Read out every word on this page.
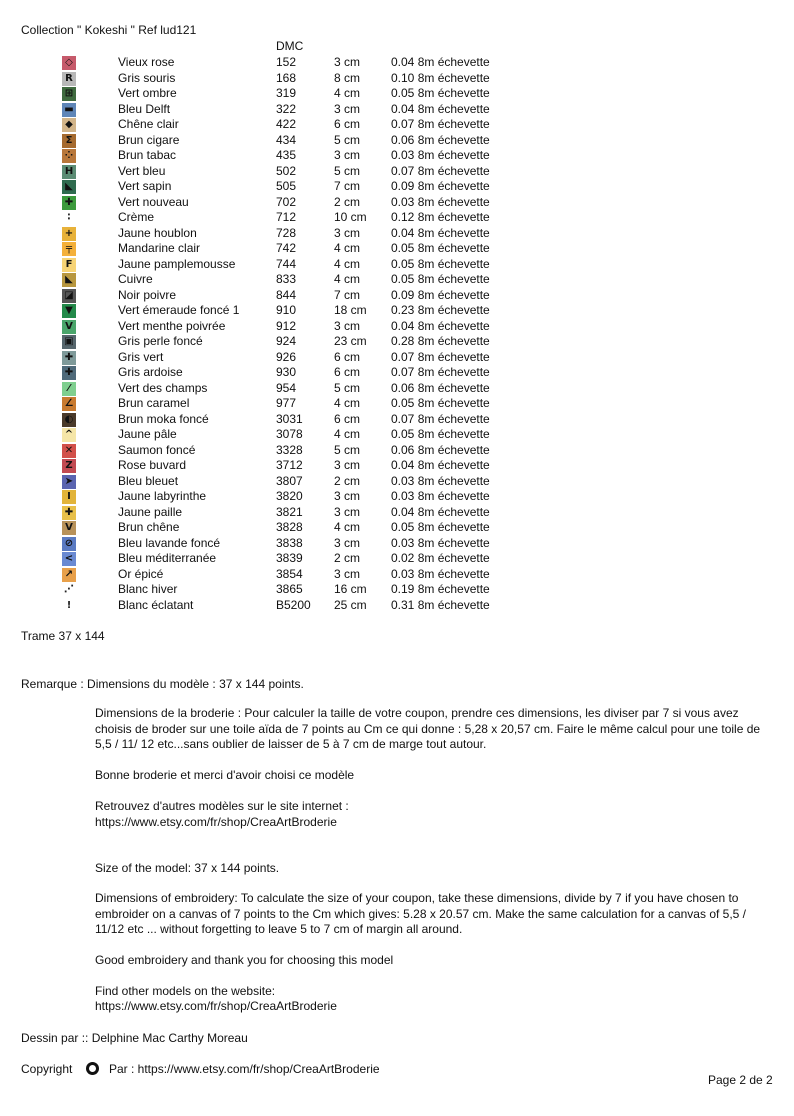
Collection " Kokeshi " Ref lud121
DMC
◇	Vieux rose	152	3 cm	0.04 8m échevette
R	Gris souris	168	8 cm	0.10 8m échevette
⊞	Vert ombre	319	4 cm	0.05 8m échevette
▬	Bleu Delft	322	3 cm	0.04 8m échevette
◆	Chêne clair	422	6 cm	0.07 8m échevette
Σ	Brun cigare	434	5 cm	0.06 8m échevette
⁘	Brun tabac	435	3 cm	0.03 8m échevette
H	Vert bleu	502	5 cm	0.07 8m échevette
◣	Vert sapin	505	7 cm	0.09 8m échevette
✚	Vert nouveau	702	2 cm	0.03 8m échevette
∶	Crème	712	10 cm 0.12 8m échevette
+	Jaune houblon	728	3 cm	0.04 8m échevette
╤	Mandarine clair	742	4 cm	0.05 8m échevette
F	Jaune pamplemousse	744	4 cm	0.05 8m échevette
◣	Cuivre	833	4 cm	0.05 8m échevette
◪	Noir poivre	844	7 cm	0.09 8m échevette
▼	Vert émeraude foncé 1	910	18 cm 0.23 8m échevette
V	Vert menthe poivrée	912	3 cm	0.04 8m échevette
▣	Gris perle foncé	924	23 cm 0.28 8m échevette
✚	Gris vert	926	6 cm	0.07 8m échevette
✚	Gris ardoise	930	6 cm	0.07 8m échevette
⁄	Vert des champs	954	5 cm	0.06 8m échevette
∠	Brun caramel	977	4 cm	0.05 8m échevette
◐	Brun moka foncé	3031	6 cm	0.07 8m échevette
^	Jaune pâle	3078	4 cm	0.05 8m échevette
✕	Saumon foncé	3328	5 cm	0.06 8m échevette
Z	Rose buvard	3712	3 cm	0.04 8m échevette
➤	Bleu bleuet	3807	2 cm	0.03 8m échevette
I	Jaune labyrinthe	3820	3 cm	0.03 8m échevette
✚	Jaune paille	3821	3 cm	0.04 8m échevette
V	Brun chêne	3828	4 cm	0.05 8m échevette
⊘	Bleu lavande foncé	3838	3 cm	0.03 8m échevette
<	Bleu méditerranée	3839	2 cm	0.02 8m échevette
↗	Or épicé	3854	3 cm	0.03 8m échevette
⋰	Blanc hiver	3865	16 cm 0.19 8m échevette
!	Blanc éclatant	B5200 25 cm 0.31 8m échevette
Trame 37 x 144
Remarque : Dimensions du modèle : 37 x 144 points.
Dimensions de la broderie : Pour calculer la taille de votre coupon, prendre ces dimensions, les diviser par 7 si vous avez choisis de broder sur une toile aïda de 7 points au Cm ce qui donne : 5,28 x 20,57 cm. Faire le même calcul pour une toile de 5,5 / 11/ 12 etc...sans oublier de laisser de 5 à 7 cm de marge tout autour.
Bonne broderie et merci d'avoir choisi ce modèle
Retrouvez d'autres modèles sur le site internet :
https://www.etsy.com/fr/shop/CreaArtBroderie
Size of the model: 37 x 144 points.
Dimensions of embroidery: To calculate the size of your coupon, take these dimensions, divide by 7 if you have chosen to embroider on a canvas of 7 points to the Cm which gives: 5.28 x 20.57 cm. Make the same calculation for a canvas of 5,5 / 11/12 etc ... without forgetting to leave 5 to 7 cm of margin all around.
Good embroidery and thank you for choosing this model
Find other models on the website:
https://www.etsy.com/fr/shop/CreaArtBroderie
Dessin par :: Delphine Mac Carthy Moreau
Copyright	Par : https://www.etsy.com/fr/shop/CreaArtBroderie
Page 2 de 2
